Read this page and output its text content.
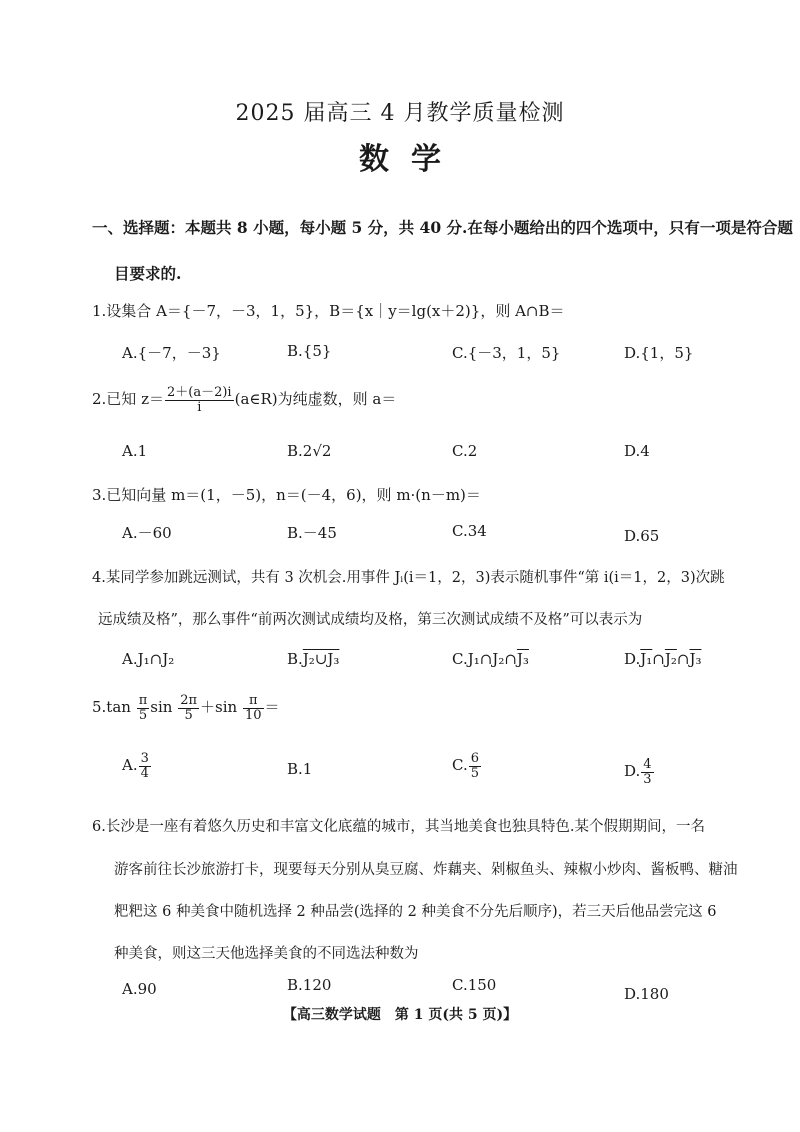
2025 届高三 4 月教学质量检测
数学
一、选择题：本题共 8 小题，每小题 5 分，共 40 分.在每小题给出的四个选项中，只有一项是符合题
目要求的.
1.设集合 A＝{－7，－3，1，5}，B＝{x｜y＝lg(x＋2)}，则 A∩B＝
A.{－7，－3}	B.{5}	C.{－3，1，5}	D.{1，5}
2.已知 $z= \frac{2+(a-2)i}{i}$ (a∈R)为纯虚数，则 a＝
A.1	B.2√2	C.2	D.4
3.已知向量 m＝(1，－5)，n＝(－4，6)，则 m·(n－m)＝
A.－60	B.－45	C.34	D.65
4.某同学参加跳远测试，共有 3 次机会.用事件 Jᵢ(i＝1，2，3)表示随机事件“第 i(i＝1，2，3)次跳
远成绩及格”，那么事件“前两次测试成绩均及格，第三次测试成绩不及格”可以表示为
A.J₁∩J₂	B.J₂∪J₃	C.J₁∩J₂∩J₃	D.J₁∩J₂∩J₃
$5.\tan \frac{\pi}{5}$ $\sin \frac{2\pi}{5} +\sin \frac{\pi}{10}$ ＝
A. $\frac{3}{4}$	B.1	C. $\frac{6}{5}$	D. $\frac{4}{3}$
6.长沙是一座有着悠久历史和丰富文化底蕴的城市，其当地美食也独具特色.某个假期期间，一名
游客前往长沙旅游打卡，现要每天分别从臭豆腐、炸藕夹、剁椒鱼头、辣椒小炒肉、酱板鸭、糖油
粑粑这 6 种美食中随机选择 2 种品尝(选择的 2 种美食不分先后顺序)，若三天后他品尝完这 6
种美食，则这三天他选择美食的不同选法种数为
A.90	B.120	C.150	D.180
【高三数学试题　第 1 页(共 5 页)】
